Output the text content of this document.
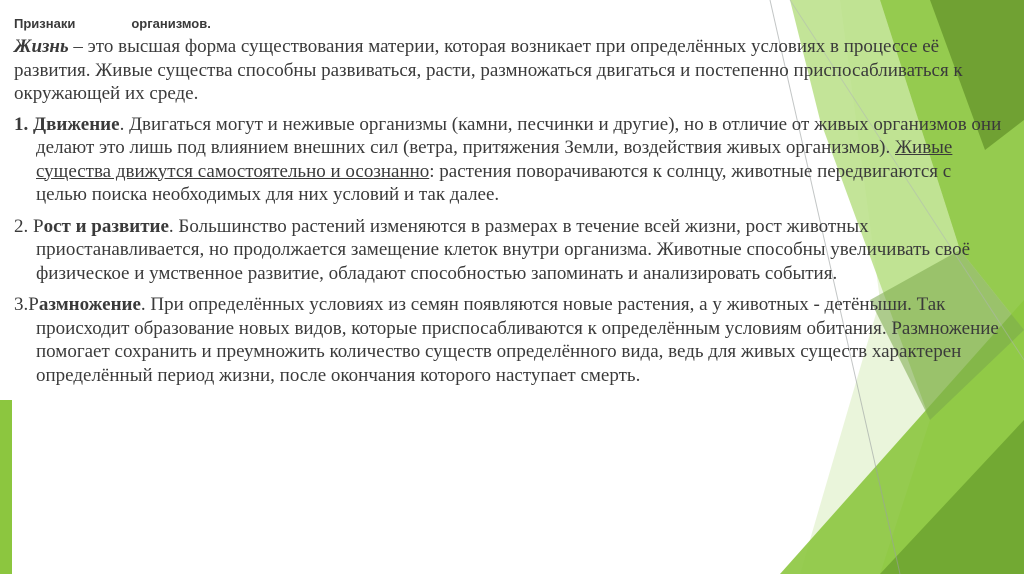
Признаки	организмов.

Жизнь – это высшая форма существования материи, которая возникает при определённых условиях в процессе её развития. Живые существа способны развиваться, расти, размножаться двигаться и постепенно приспосабливаться к окружающей их среде.

1. Движение. Двигаться могут и неживые организмы (камни, песчинки и другие), но в отличие от живых организмов они делают это лишь под влиянием внешних сил (ветра, притяжения Земли, воздействия живых организмов). Живые существа движутся самостоятельно и осознанно: растения поворачиваются к солнцу, животные передвигаются с целью поиска необходимых для них условий и так далее.

2. Рост и развитие. Большинство растений изменяются в размерах в течение всей жизни, рост животных приостанавливается, но продолжается замещение клеток внутри организма. Животные способны увеличивать своё физическое и умственное развитие, обладают способностью запоминать и анализировать события.

3.Размножение. При определённых условиях из семян появляются новые растения, а у животных - детёныши. Так происходит образование новых видов, которые приспосабливаются к определённым условиям обитания. Размножение помогает сохранить и преумножить количество существ определённого вида, ведь для живых существ характерен определённый период жизни, после окончания которого наступает смерть.
